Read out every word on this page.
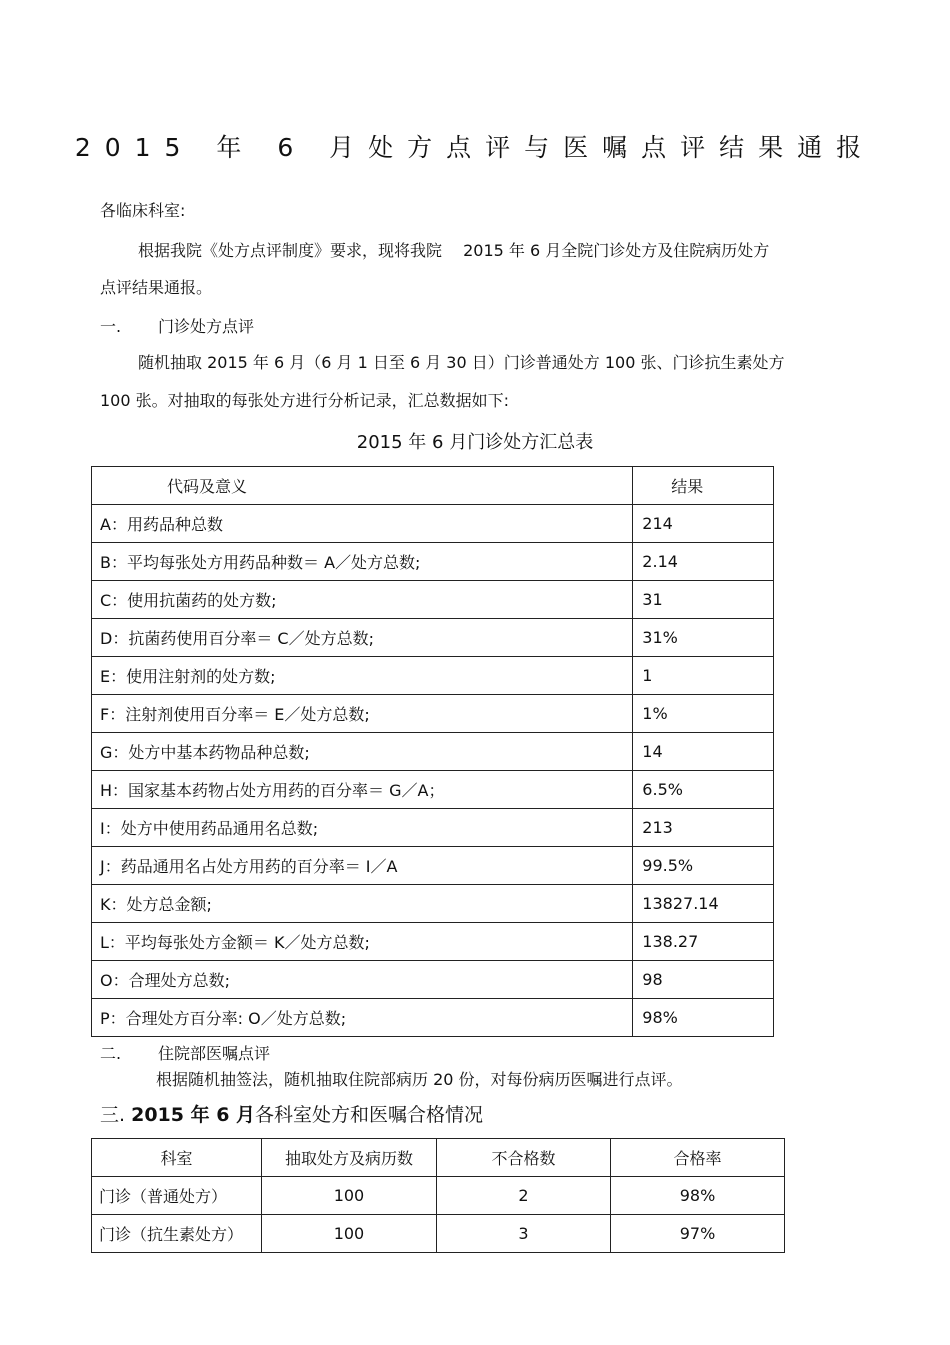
2015 年 6 月处方点评与医嘱点评结果通报
各临床科室:
根据我院《处方点评制度》要求，现将我院　 2015 年 6 月全院门诊处方及住院病历处方
点评结果通报。
一. 门诊处方点评
随机抽取 2015 年 6 月（6 月 1 日至 6 月 30 日）门诊普通处方 100 张、门诊抗生素处方
100 张。对抽取的每张处方进行分析记录，汇总数据如下:
2015 年 6 月门诊处方汇总表
代码及意义	结果
A：用药品种总数	214
B：平均每张处方用药品种数＝ A／处方总数;	2.14
C：使用抗菌药的处方数;	31
D：抗菌药使用百分率＝ C／处方总数;	31%
E：使用注射剂的处方数;	1
F：注射剂使用百分率＝ E／处方总数;	1%
G：处方中基本药物品种总数;	14
H：国家基本药物占处方用药的百分率＝ G／A；	6.5%
I：处方中使用药品通用名总数;	213
J：药品通用名占处方用药的百分率＝ I／A	99.5%
K：处方总金额;	13827.14
L：平均每张处方金额＝ K／处方总数;	138.27
O：合理处方总数;	98
P：合理处方百分率: O／处方总数;	98%
二. 住院部医嘱点评
根据随机抽签法，随机抽取住院部病历 20 份，对每份病历医嘱进行点评。
三. 2015 年 6 月各科室处方和医嘱合格情况
科室	抽取处方及病历数	不合格数	合格率
门诊（普通处方）	100	2	98%
门诊（抗生素处方）	100	3	97%
